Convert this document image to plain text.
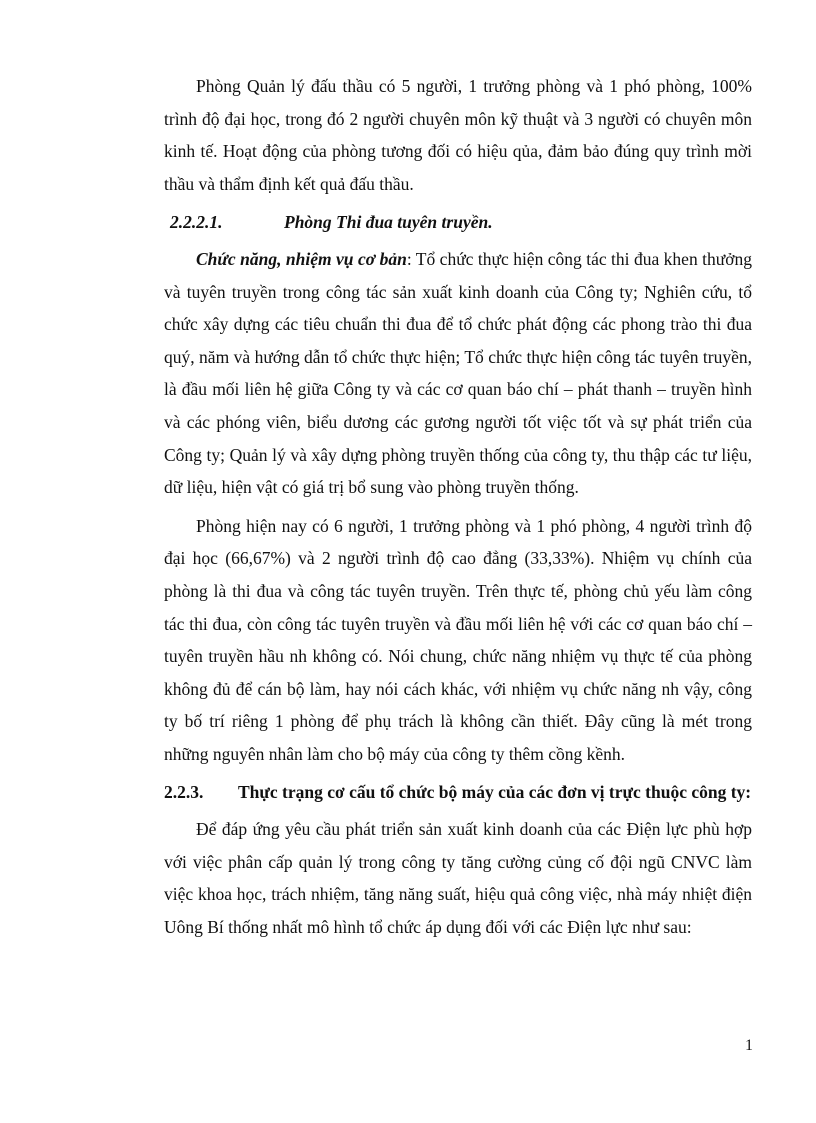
Phòng Quản lý đấu thầu có 5 người, 1 trưởng phòng và 1 phó phòng, 100% trình độ đại học, trong đó 2 người chuyên môn kỹ thuật và 3 người có chuyên môn kinh tế. Hoạt động của phòng tương đối có hiệu qủa, đảm bảo đúng quy trình mời thầu và thẩm định kết quả đấu thầu.

2.2.2.1.	Phòng Thi đua tuyên truyền.

Chức năng, nhiệm vụ cơ bản: Tổ chức thực hiện công tác thi đua khen thưởng và tuyên truyền trong công tác sản xuất kinh doanh của Công ty; Nghiên cứu, tổ chức xây dựng các tiêu chuẩn thi đua để tổ chức phát động các phong trào thi đua quý, năm và hướng dẫn tổ chức thực hiện; Tổ chức thực hiện công tác tuyên truyền, là đầu mối liên hệ giữa Công ty và các cơ quan báo chí – phát thanh – truyền hình và các phóng viên, biểu dương các gương người tốt việc tốt và sự phát triển của Công ty; Quản lý và xây dựng phòng truyền thống của công ty, thu thập các tư liệu, dữ liệu, hiện vật có giá trị bổ sung vào phòng truyền thống.

Phòng hiện nay có 6 người, 1 trưởng phòng và 1 phó phòng, 4 người trình độ đại học (66,67%) và 2 người trình độ cao đẳng (33,33%). Nhiệm vụ chính của phòng là thi đua và công tác tuyên truyền. Trên thực tế, phòng chủ yếu làm công tác thi đua, còn công tác tuyên truyền và đầu mối liên hệ với các cơ quan báo chí – tuyên truyền hầu nh không có. Nói chung, chức năng nhiệm vụ thực tế của phòng không đủ để cán bộ làm, hay nói cách khác, với nhiệm vụ chức năng nh vậy, công ty bố trí riêng 1 phòng để phụ trách là không cần thiết. Đây cũng là mét trong những nguyên nhân làm cho bộ máy của công ty thêm cồng kềnh.

2.2.3.	Thực trạng cơ cấu tổ chức bộ máy của các đơn vị trực thuộc công ty:

Để đáp ứng yêu cầu phát triển sản xuất kinh doanh của các Điện lực phù hợp với việc phân cấp quản lý trong công ty tăng cường củng cố đội ngũ CNVC làm việc khoa học, trách nhiệm, tăng năng suất, hiệu quả công việc, nhà máy nhiệt điện Uông Bí thống nhất mô hình tổ chức áp dụng đối với các Điện lực như sau:

1
